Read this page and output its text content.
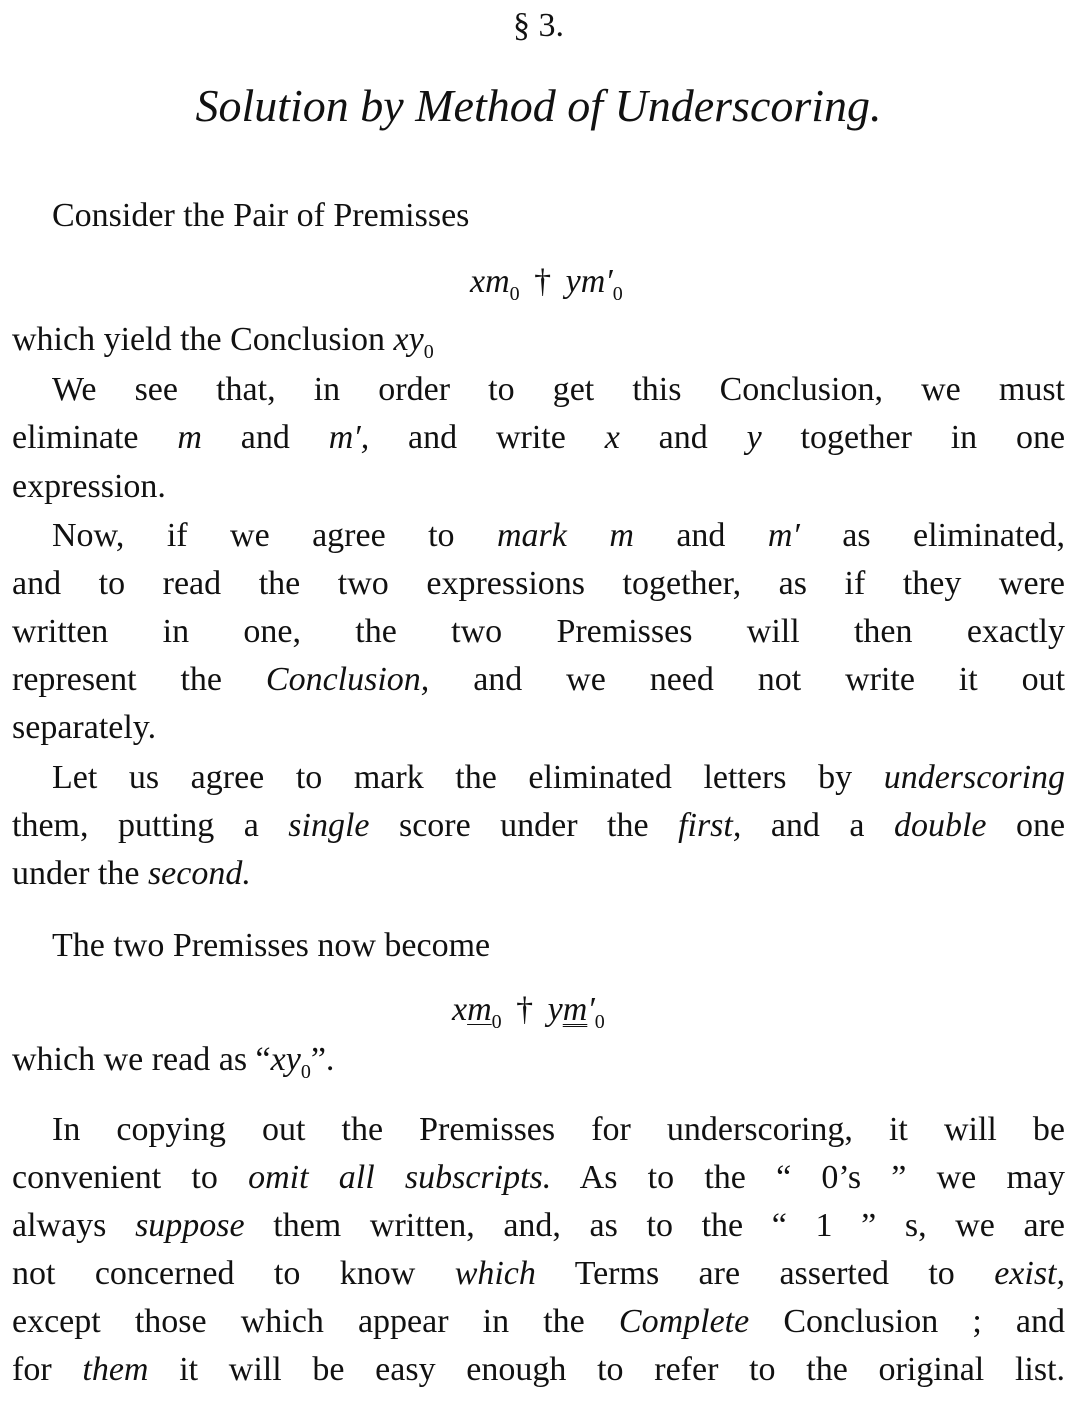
§ 3.
Solution by Method of Underscoring.
Consider the Pair of Premisses
$xm_0$ † $ym'_0$
which yield the Conclusion $xy_0$
We see that, in order to get this Conclusion, we must
eliminate m and m′, and write x and y together in one
expression.
Now, if we agree to mark m and m′ as eliminated,
and to read the two expressions together, as if they were
written in one, the two Premisses will then exactly
represent the Conclusion, and we need not write it out
separately.
Let us agree to mark the eliminated letters by underscoring
them, putting a single score under the first, and a double one
under the second.
The two Premisses now become
$xm_0$ † $ym'_0$
which we read as “$xy_0$”.
In copying out the Premisses for underscoring, it will be
convenient to omit all subscripts. As to the “ 0’s ” we may
always suppose them written, and, as to the “ 1 ” s, we are
not concerned to know which Terms are asserted to exist,
except those which appear in the Complete Conclusion ; and
for them it will be easy enough to refer to the original list.
